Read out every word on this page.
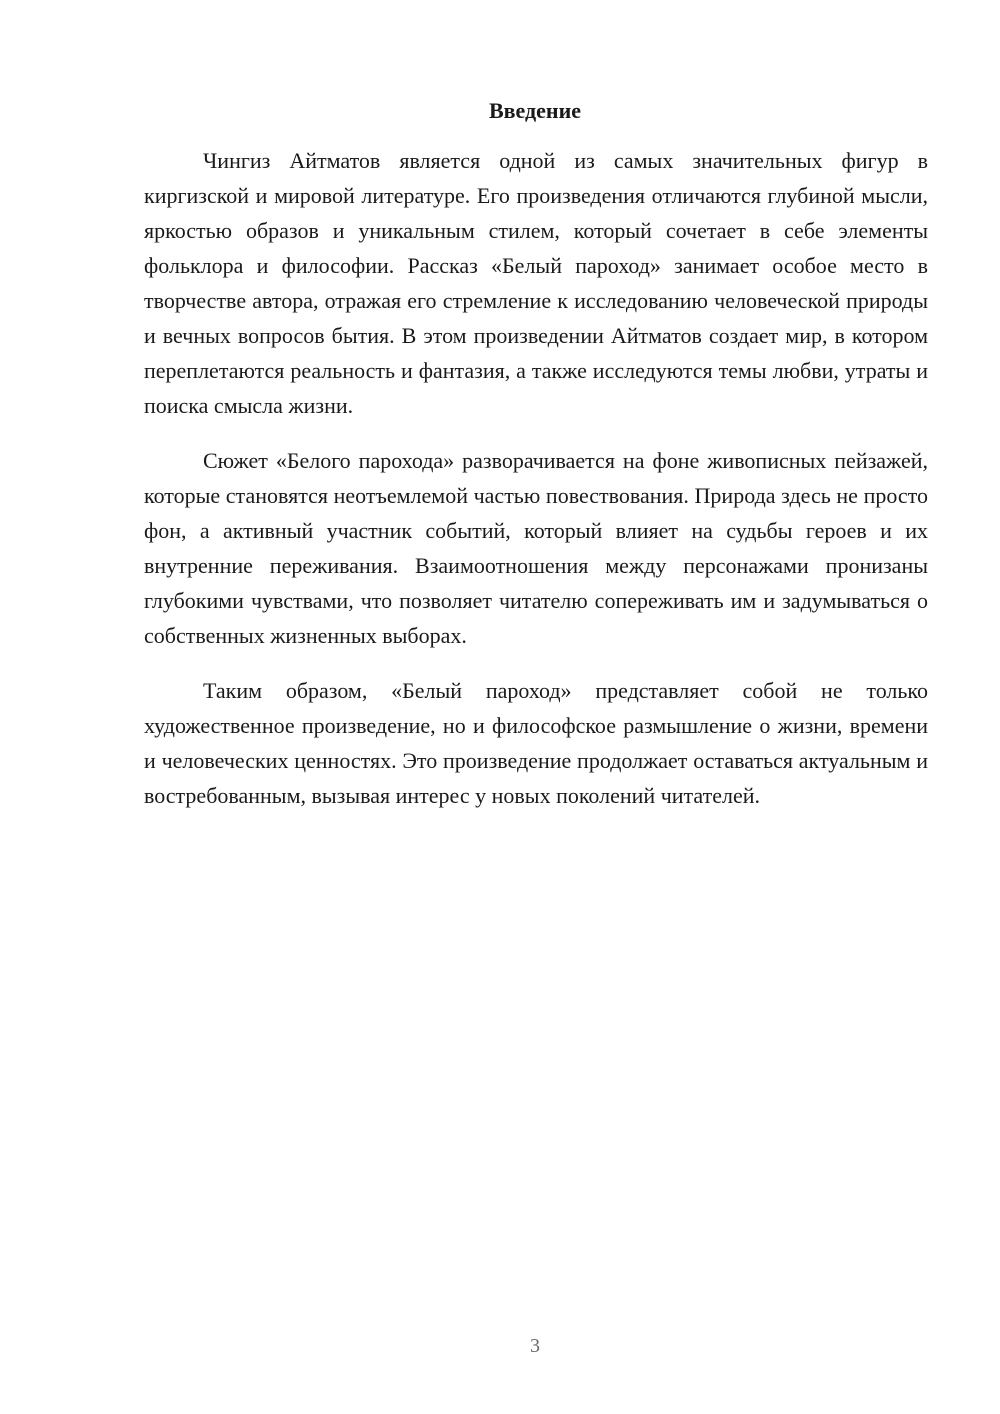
Введение

Чингиз Айтматов является одной из самых значительных фигур в киргизской и мировой литературе. Его произведения отличаются глубиной мысли, яркостью образов и уникальным стилем, который сочетает в себе элементы фольклора и философии. Рассказ «Белый пароход» занимает особое место в творчестве автора, отражая его стремление к исследованию человеческой природы и вечных вопросов бытия. В этом произведении Айтматов создает мир, в котором переплетаются реальность и фантазия, а также исследуются темы любви, утраты и поиска смысла жизни.

Сюжет «Белого парохода» разворачивается на фоне живописных пейзажей, которые становятся неотъемлемой частью повествования. Природа здесь не просто фон, а активный участник событий, который влияет на судьбы героев и их внутренние переживания. Взаимоотношения между персонажами пронизаны глубокими чувствами, что позволяет читателю сопереживать им и задумываться о собственных жизненных выборах.

Таким образом, «Белый пароход» представляет собой не только художественное произведение, но и философское размышление о жизни, времени и человеческих ценностях. Это произведение продолжает оставаться актуальным и востребованным, вызывая интерес у новых поколений читателей.

3
